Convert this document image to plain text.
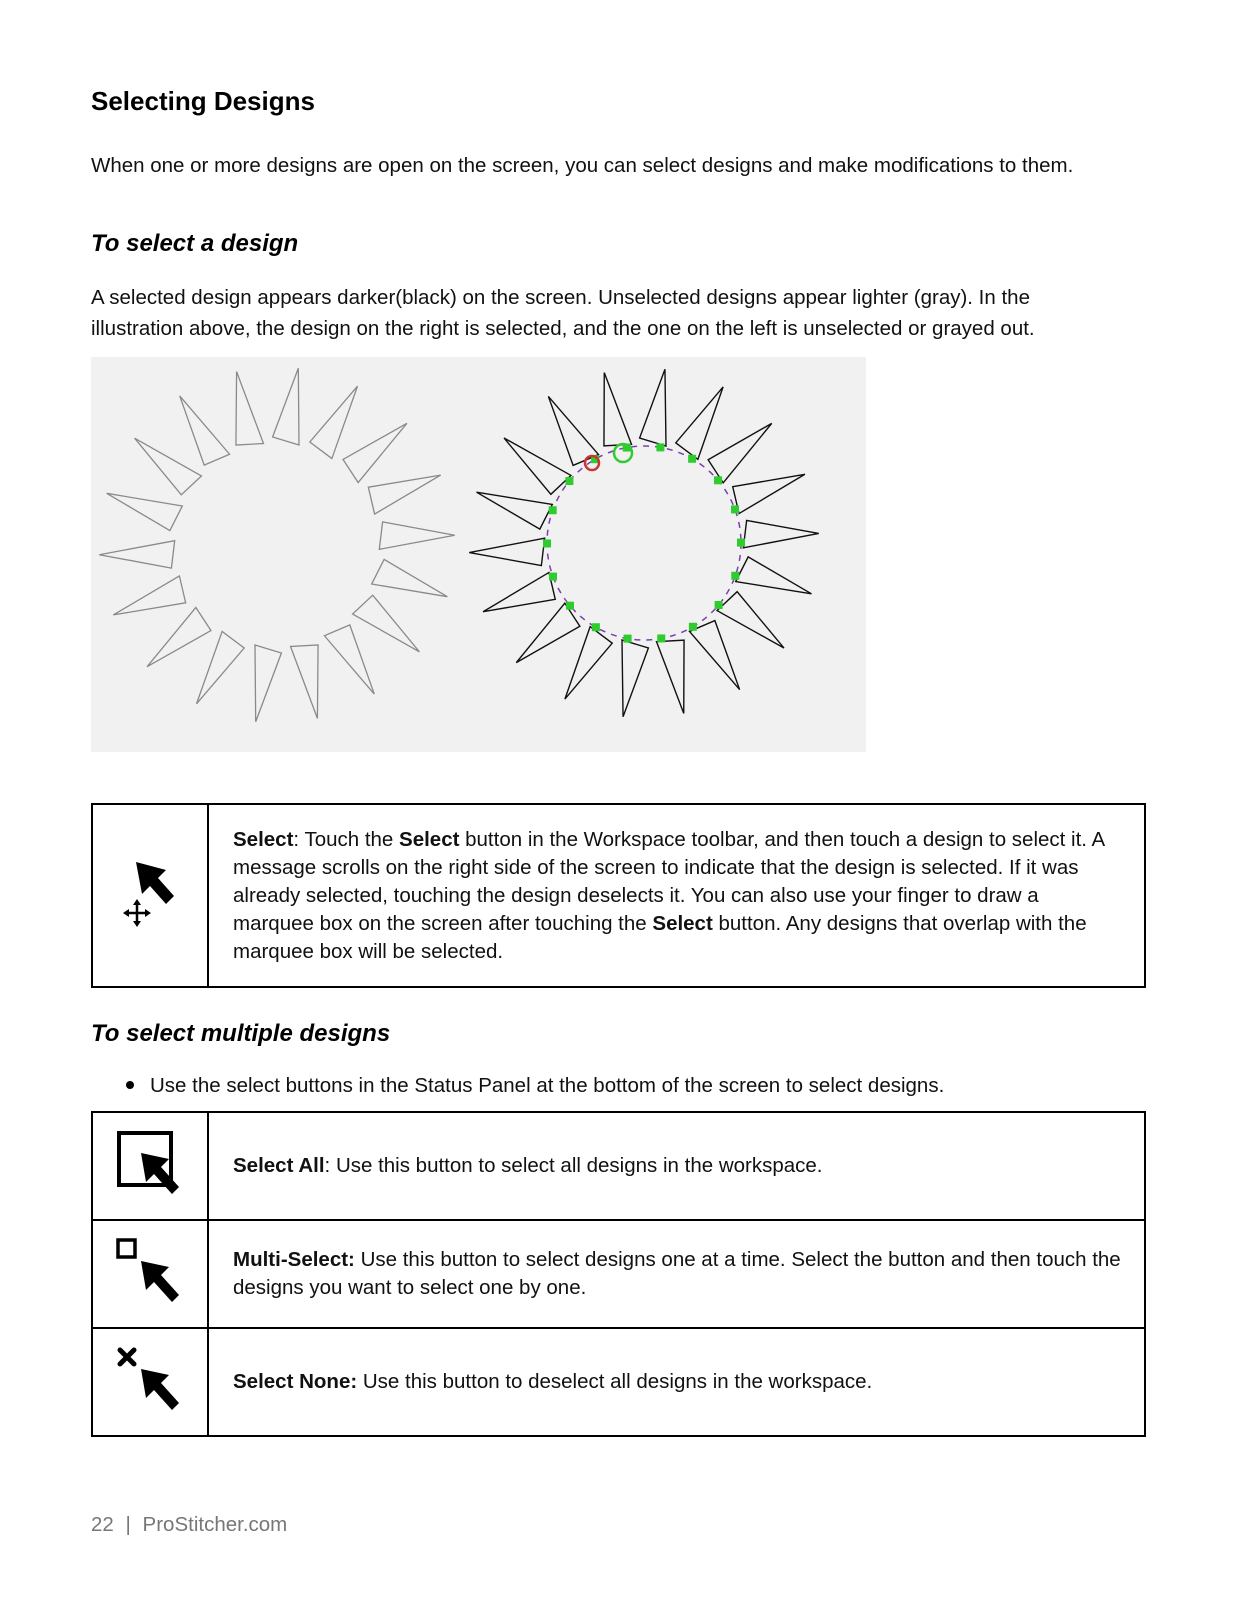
Selecting Designs

When one or more designs are open on the screen, you can select designs and make modifications to them.

To select a design

A selected design appears darker(black) on the screen. Unselected designs appear lighter (gray). In the illustration above, the design on the right is selected, and the one on the left is unselected or grayed out.

	Select: Touch the Select button in the Workspace toolbar, and then touch a design to select it. A message scrolls on the right side of the screen to indicate that the design is selected. If it was already selected, touching the design deselects it. You can also use your finger to draw a marquee box on the screen after touching the Select button. Any designs that overlap with the marquee box will be selected.
To select multiple designs

Use the select buttons in the Status Panel at the bottom of the screen to select designs.

	Select All: Use this button to select all designs in the workspace.
	Multi-Select: Use this button to select designs one at a time. Select the button and then touch the designs you want to select one by one.
	Select None: Use this button to deselect all designs in the workspace.
22 | ProStitcher.com
